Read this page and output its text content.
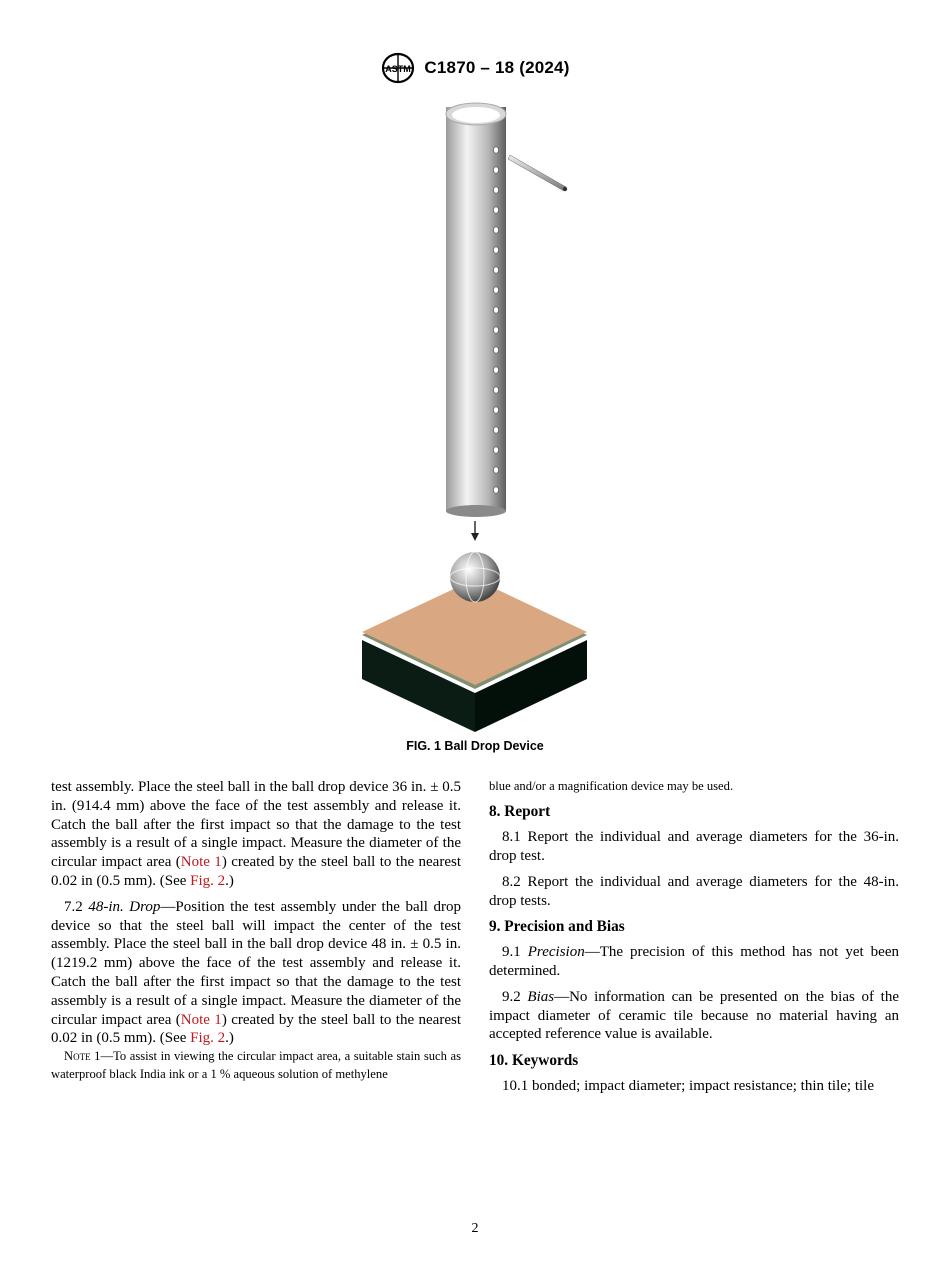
ASTM C1870 – 18 (2024)
FIG. 1 Ball Drop Device

test assembly. Place the steel ball in the ball drop device 36 in. ± 0.5 in. (914.4 mm) above the face of the test assembly and release it. Catch the ball after the first impact so that the damage to the test assembly is a result of a single impact. Measure the diameter of the circular impact area (Note 1) created by the steel ball to the nearest 0.02 in (0.5 mm). (See Fig. 2.)

7.2 48-in. Drop—Position the test assembly under the ball drop device so that the steel ball will impact the center of the test assembly. Place the steel ball in the ball drop device 48 in. ± 0.5 in. (1219.2 mm) above the face of the test assembly and release it. Catch the ball after the first impact so that the damage to the test assembly is a result of a single impact. Measure the diameter of the circular impact area (Note 1) created by the steel ball to the nearest 0.02 in (0.5 mm). (See Fig. 2.)

Note 1—To assist in viewing the circular impact area, a suitable stain such as waterproof black India ink or a 1 % aqueous solution of methylene

blue and/or a magnification device may be used.

8. Report

8.1 Report the individual and average diameters for the 36-in. drop test.

8.2 Report the individual and average diameters for the 48-in. drop tests.

9. Precision and Bias

9.1 Precision—The precision of this method has not yet been determined.

9.2 Bias—No information can be presented on the bias of the impact diameter of ceramic tile because no material having an accepted reference value is available.

10. Keywords

10.1 bonded; impact diameter; impact resistance; thin tile; tile

2
